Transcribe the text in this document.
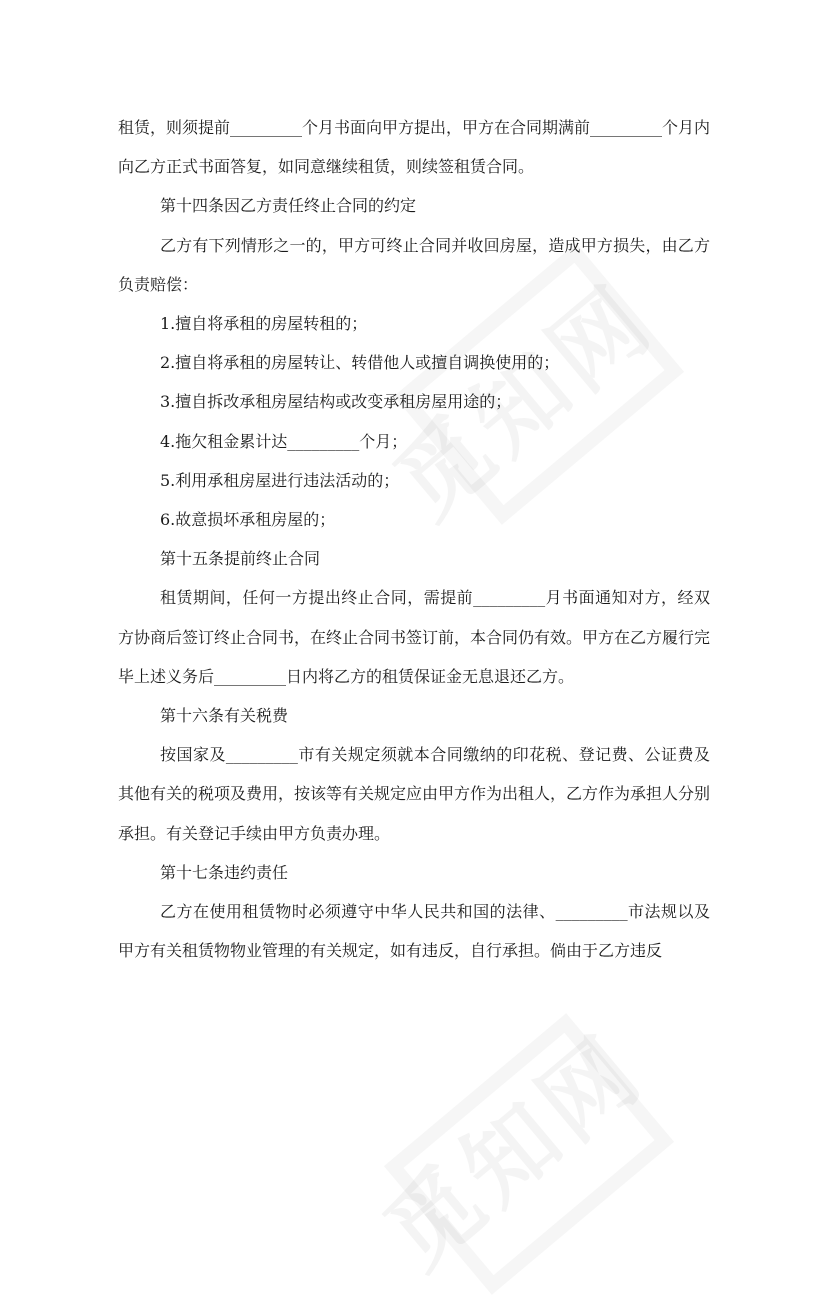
租赁，则须提前_________个月书面向甲方提出，甲方在合同期满前_________个月内向乙方正式书面答复，如同意继续租赁，则续签租赁合同。

第十四条因乙方责任终止合同的约定

乙方有下列情形之一的，甲方可终止合同并收回房屋，造成甲方损失，由乙方负责赔偿：

1.擅自将承租的房屋转租的；

2.擅自将承租的房屋转让、转借他人或擅自调换使用的；

3.擅自拆改承租房屋结构或改变承租房屋用途的；

4.拖欠租金累计达_________个月；

5.利用承租房屋进行违法活动的；

6.故意损坏承租房屋的；

第十五条提前终止合同

租赁期间，任何一方提出终止合同，需提前_________月书面通知对方，经双方协商后签订终止合同书，在终止合同书签订前，本合同仍有效。甲方在乙方履行完毕上述义务后_________日内将乙方的租赁保证金无息退还乙方。

第十六条有关税费

按国家及_________市有关规定须就本合同缴纳的印花税、登记费、公证费及其他有关的税项及费用，按该等有关规定应由甲方作为出租人，乙方作为承担人分别承担。有关登记手续由甲方负责办理。

第十七条违约责任

乙方在使用租赁物时必须遵守中华人民共和国的法律、_________市法规以及甲方有关租赁物物业管理的有关规定，如有违反，自行承担。倘由于乙方违反
